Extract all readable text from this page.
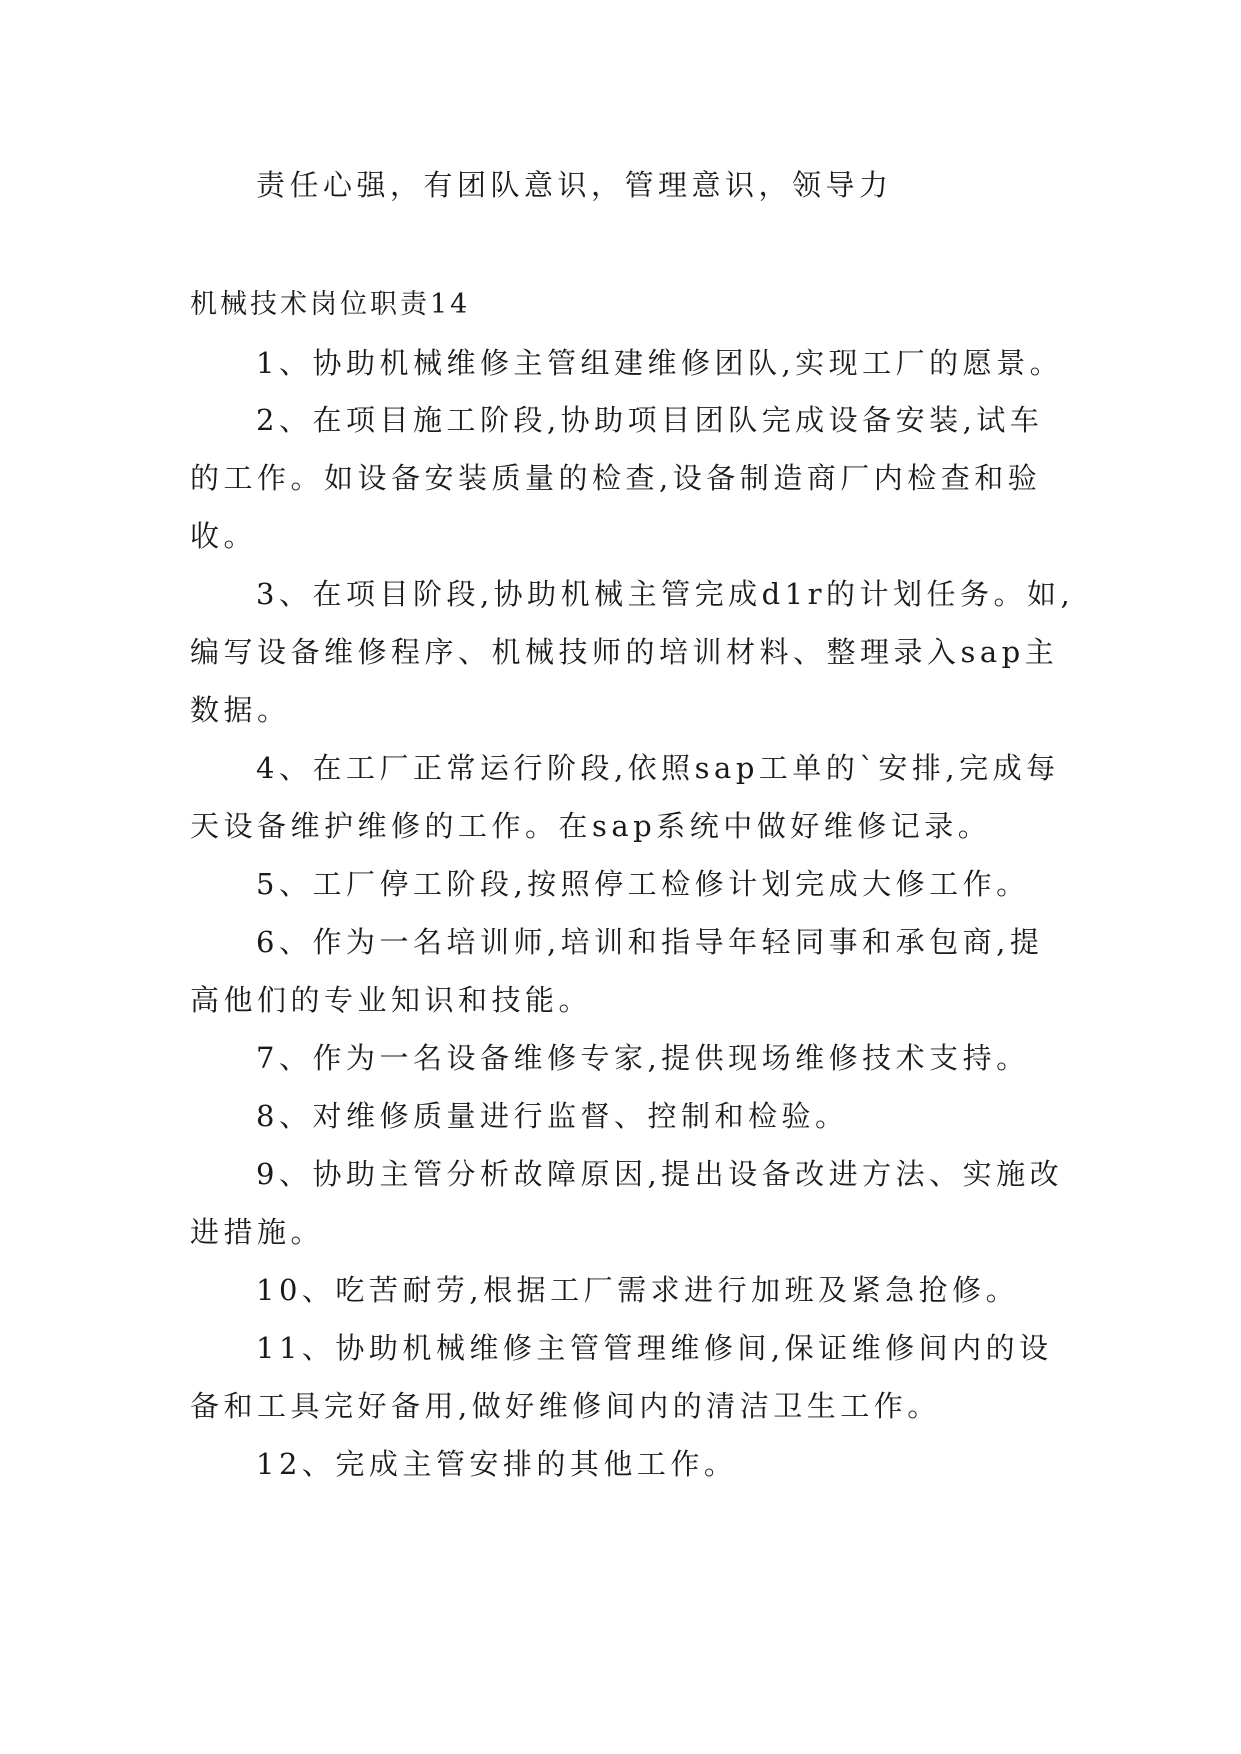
责任心强，有团队意识，管理意识，领导力
机械技术岗位职责14
1、协助机械维修主管组建维修团队,实现工厂的愿景。
2、在项目施工阶段,协助项目团队完成设备安装,试车
的工作。如设备安装质量的检查,设备制造商厂内检查和验
收。
3、在项目阶段,协助机械主管完成d1r的计划任务。如,
编写设备维修程序、机械技师的培训材料、整理录入sap主
数据。
4、在工厂正常运行阶段,依照sap工单的`安排,完成每
天设备维护维修的工作。在sap系统中做好维修记录。
5、工厂停工阶段,按照停工检修计划完成大修工作。
6、作为一名培训师,培训和指导年轻同事和承包商,提
高他们的专业知识和技能。
7、作为一名设备维修专家,提供现场维修技术支持。
8、对维修质量进行监督、控制和检验。
9、协助主管分析故障原因,提出设备改进方法、实施改
进措施。
10、吃苦耐劳,根据工厂需求进行加班及紧急抢修。
11、协助机械维修主管管理维修间,保证维修间内的设
备和工具完好备用,做好维修间内的清洁卫生工作。
12、完成主管安排的其他工作。
